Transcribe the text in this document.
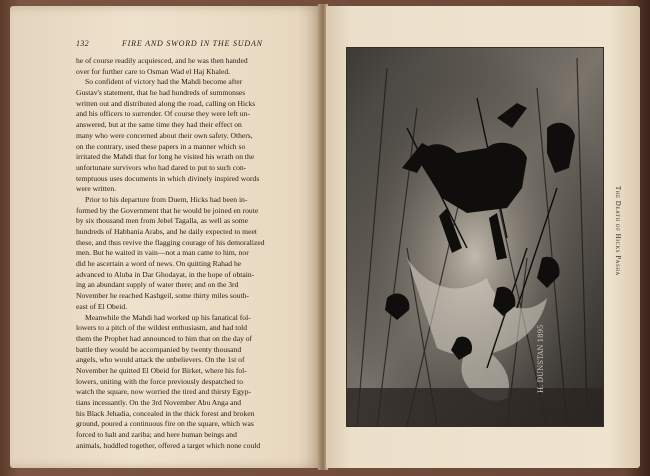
132	FIRE AND SWORD IN THE SUDAN
he of course readily acquiesced, and he was then handed
over for further care to Osman Wad el Haj Khaled.
So confident of victory had the Mahdi become after
Gustav's statement, that he had hundreds of summonses
written out and distributed along the road, calling on Hicks
and his officers to surrender. Of course they were left un-
answered, but at the same time they had their effect on
many who were concerned about their own safety. Others,
on the contrary, used these papers in a manner which so
irritated the Mahdi that for long he visited his wrath on the
unfortunate survivors who had dared to put to such con-
temptuous uses documents in which divinely inspired words
were written.
Prior to his departure from Duem, Hicks had been in-
formed by the Government that he would be joined en route
by six thousand men from Jebel Tagalla, as well as some
hundreds of Habbania Arabs, and he daily expected to meet
these, and thus revive the flagging courage of his demoralized
men. But he waited in vain—not a man came to him, nor
did he ascertain a word of news. On quitting Rahad he
advanced to Aluba in Dar Ghodayat, in the hope of obtain-
ing an abundant supply of water there; and on the 3rd
November he reached Kashgeil, some thirty miles south-
east of El Obeid.
Meanwhile the Mahdi had worked up his fanatical fol-
lowers to a pitch of the wildest enthusiasm, and had told
them the Prophet had announced to him that on the day of
battle they would be accompanied by twenty thousand
angels, who would attack the unbelievers. On the 1st of
November he quitted El Obeid for Birket, where his fol-
lowers, uniting with the force previously despatched to
watch the square, now worried the tired and thirsty Egyp-
tians incessantly. On the 3rd November Abu Anga and
his Black Jehadia, concealed in the thick forest and broken
ground, poured a continuous fire on the square, which was
forced to halt and zariba; and here human beings and
animals, huddled together, offered a target which none could
H. DUNSTAN 1895
The Death of Hicks Pasha
